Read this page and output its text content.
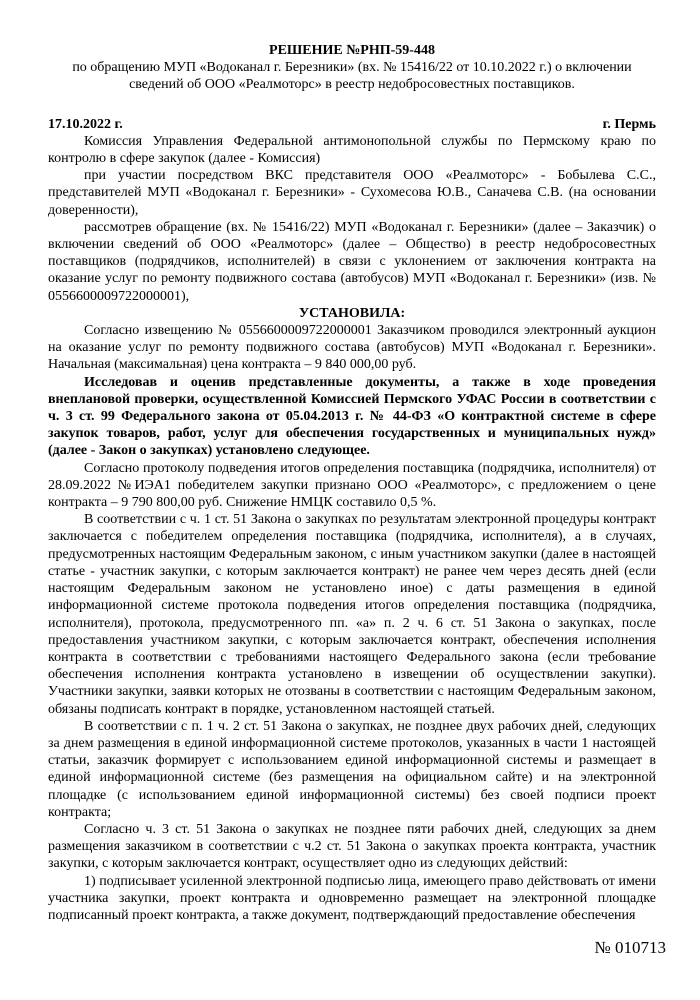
РЕШЕНИЕ №РНП-59-448
по обращению МУП «Водоканал г. Березники» (вх. № 15416/22 от 10.10.2022 г.) о включении сведений об ООО «Реалмоторс» в реестр недобросовестных поставщиков.
17.10.2022 г.	г. Пермь

Комиссия Управления Федеральной антимонопольной службы по Пермскому краю по контролю в сфере закупок (далее - Комиссия)

при участии посредством ВКС представителя ООО «Реалмоторс» - Бобылева С.С., представителей МУП «Водоканал г. Березники» - Сухомесова Ю.В., Саначева С.В. (на основании доверенности),

рассмотрев обращение (вх. № 15416/22) МУП «Водоканал г. Березники» (далее – Заказчик) о включении сведений об ООО «Реалмоторс» (далее – Общество) в реестр недобросовестных поставщиков (подрядчиков, исполнителей) в связи с уклонением от заключения контракта на оказание услуг по ремонту подвижного состава (автобусов) МУП «Водоканал г. Березники» (изв. № 0556600009722000001),

УСТАНОВИЛА:

Согласно извещению № 0556600009722000001 Заказчиком проводился электронный аукцион на оказание услуг по ремонту подвижного состава (автобусов) МУП «Водоканал г. Березники». Начальная (максимальная) цена контракта – 9 840 000,00 руб.

Исследовав и оценив представленные документы, а также в ходе проведения внеплановой проверки, осуществленной Комиссией Пермского УФАС России в соответствии с ч. 3 ст. 99 Федерального закона от 05.04.2013 г. № 44-ФЗ «О контрактной системе в сфере закупок товаров, работ, услуг для обеспечения государственных и муниципальных нужд» (далее - Закон о закупках) установлено следующее.

Согласно протоколу подведения итогов определения поставщика (подрядчика, исполнителя) от 28.09.2022 №ИЭА1 победителем закупки признано ООО «Реалмоторс», с предложением о цене контракта – 9 790 800,00 руб. Снижение НМЦК составило 0,5 %.

В соответствии с ч. 1 ст. 51 Закона о закупках по результатам электронной процедуры контракт заключается с победителем определения поставщика (подрядчика, исполнителя), а в случаях, предусмотренных настоящим Федеральным законом, с иным участником закупки (далее в настоящей статье - участник закупки, с которым заключается контракт) не ранее чем через десять дней (если настоящим Федеральным законом не установлено иное) с даты размещения в единой информационной системе протокола подведения итогов определения поставщика (подрядчика, исполнителя), протокола, предусмотренного пп. «а» п. 2 ч. 6 ст. 51 Закона о закупках, после предоставления участником закупки, с которым заключается контракт, обеспечения исполнения контракта в соответствии с требованиями настоящего Федерального закона (если требование обеспечения исполнения контракта установлено в извещении об осуществлении закупки). Участники закупки, заявки которых не отозваны в соответствии с настоящим Федеральным законом, обязаны подписать контракт в порядке, установленном настоящей статьей.

В соответствии с п. 1 ч. 2 ст. 51 Закона о закупках, не позднее двух рабочих дней, следующих за днем размещения в единой информационной системе протоколов, указанных в части 1 настоящей статьи, заказчик формирует с использованием единой информационной системы и размещает в единой информационной системе (без размещения на официальном сайте) и на электронной площадке (с использованием единой информационной системы) без своей подписи проект контракта;

Согласно ч. 3 ст. 51 Закона о закупках не позднее пяти рабочих дней, следующих за днем размещения заказчиком в соответствии с ч.2 ст. 51 Закона о закупках проекта контракта, участник закупки, с которым заключается контракт, осуществляет одно из следующих действий:

1) подписывает усиленной электронной подписью лица, имеющего право действовать от имени участника закупки, проект контракта и одновременно размещает на электронной площадке подписанный проект контракта, а также документ, подтверждающий предоставление обеспечения

№ 010713
